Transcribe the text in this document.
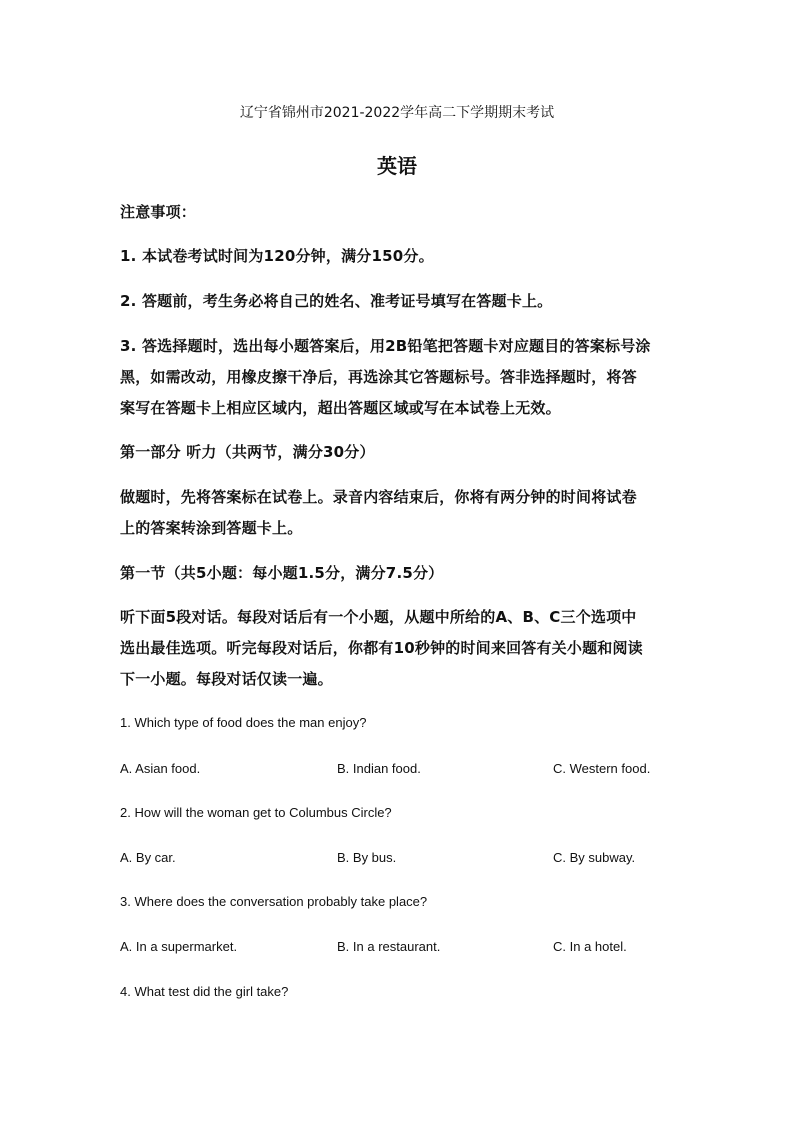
辽宁省锦州市2021-2022学年高二下学期期末考试
英语
注意事项：
1. 本试卷考试时间为120分钟，满分150分。
2. 答题前，考生务必将自己的姓名、准考证号填写在答题卡上。
3. 答选择题时，选出每小题答案后，用2B铅笔把答题卡对应题目的答案标号涂
黑，如需改动，用橡皮擦干净后，再选涂其它答题标号。答非选择题时，将答
案写在答题卡上相应区域内，超出答题区域或写在本试卷上无效。
第一部分 听力（共两节，满分30分）
做题时，先将答案标在试卷上。录音内容结束后，你将有两分钟的时间将试卷
上的答案转涂到答题卡上。
第一节（共5小题：每小题1.5分，满分7.5分）
听下面5段对话。每段对话后有一个小题，从题中所给的A、B、C三个选项中
选出最佳选项。听完每段对话后，你都有10秒钟的时间来回答有关小题和阅读
下一小题。每段对话仅读一遍。
1. Which type of food does the man enjoy?
A. Asian food.	B. Indian food.	C. Western food.
2. How will the woman get to Columbus Circle?
A. By car.	B. By bus.	C. By subway.
3. Where does the conversation probably take place?
A. In a supermarket.	B. In a restaurant.	C. In a hotel.
4. What test did the girl take?
